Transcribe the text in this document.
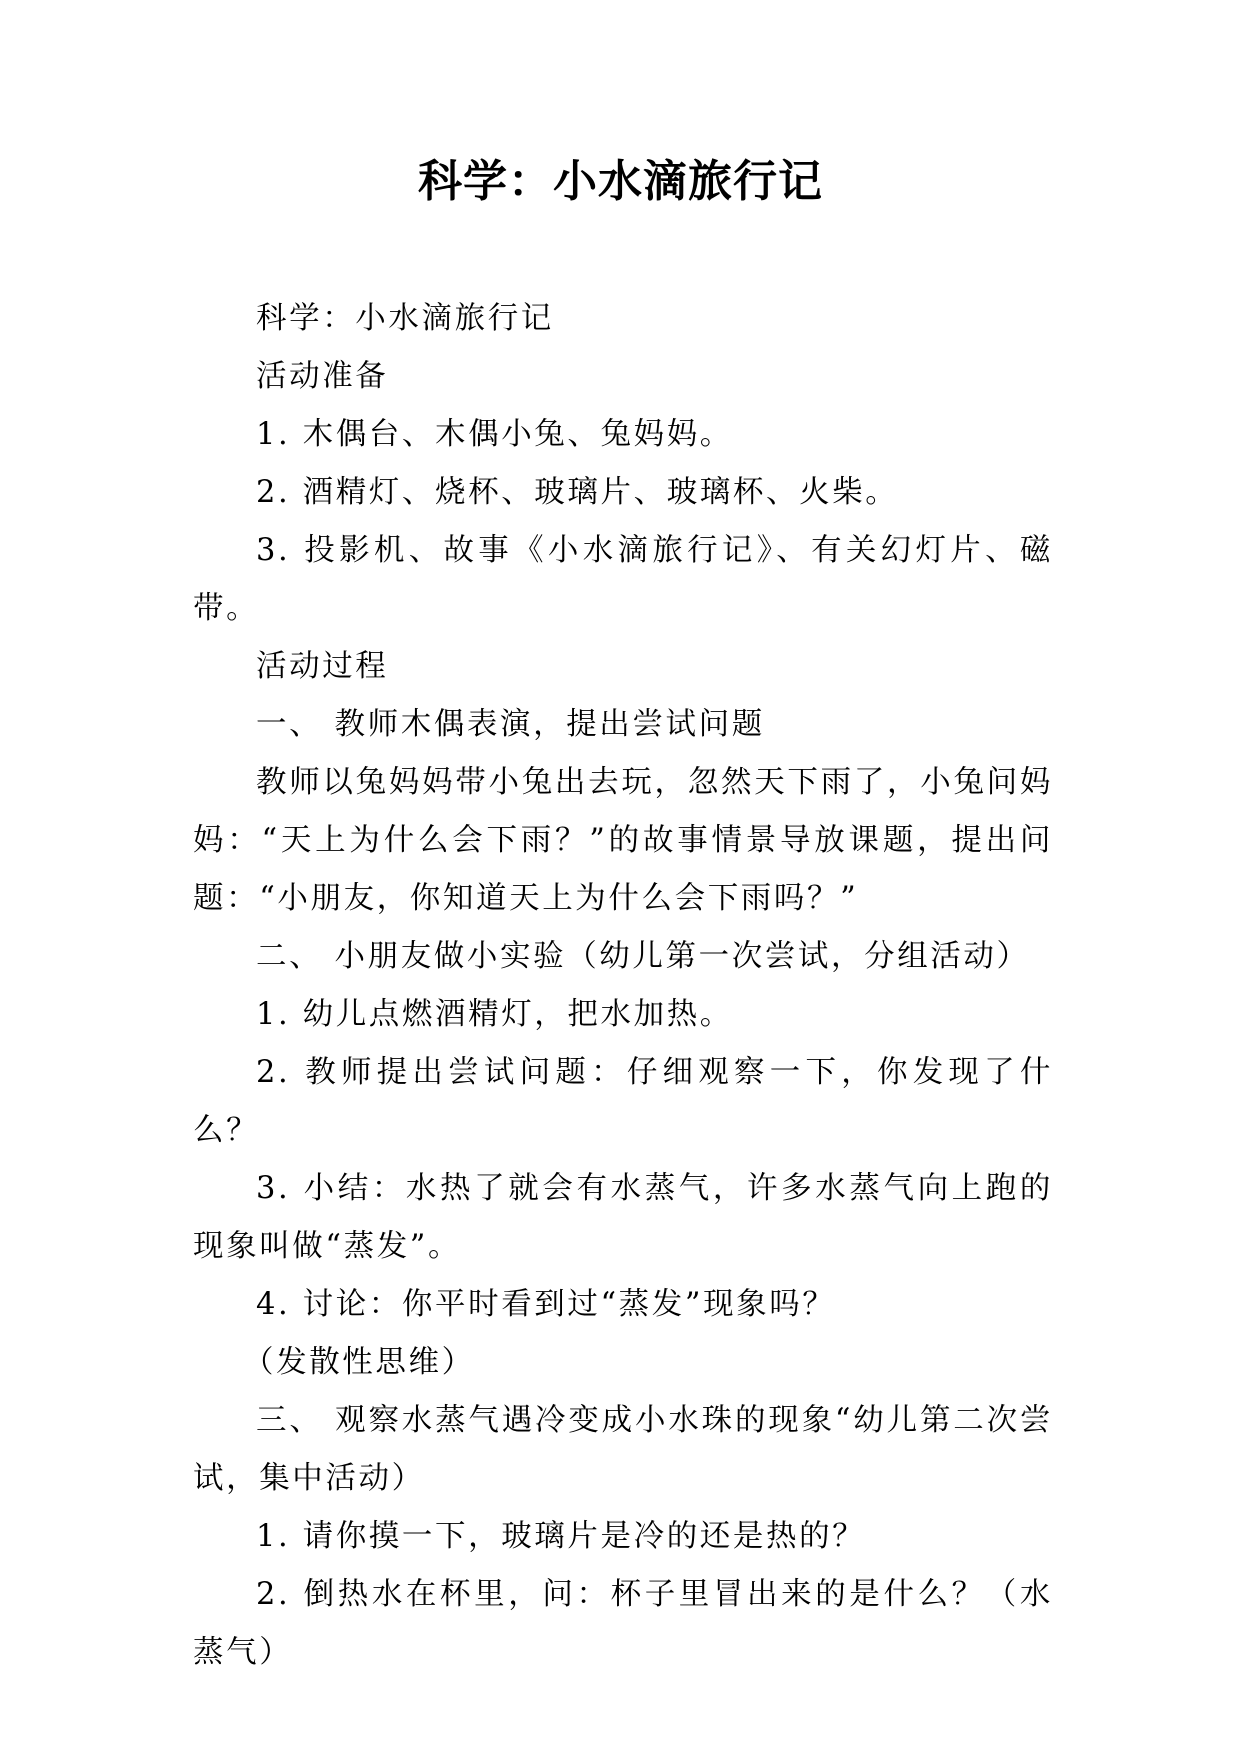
科学：小水滴旅行记

科学：小水滴旅行记

活动准备

1. 木偶台、木偶小兔、兔妈妈。

2. 酒精灯、烧杯、玻璃片、玻璃杯、火柴。

3. 投影机、故事《小水滴旅行记》、有关幻灯片、磁带。

活动过程

一、 教师木偶表演，提出尝试问题

教师以兔妈妈带小兔出去玩，忽然天下雨了，小兔问妈妈：“天上为什么会下雨？”的故事情景导放课题，提出问题：“小朋友，你知道天上为什么会下雨吗？”

二、 小朋友做小实验（幼儿第一次尝试，分组活动）

1. 幼儿点燃酒精灯，把水加热。

2. 教师提出尝试问题：仔细观察一下，你发现了什么？

3. 小结：水热了就会有水蒸气，许多水蒸气向上跑的现象叫做“蒸发”。

4. 讨论：你平时看到过“蒸发”现象吗？

（发散性思维）

三、 观察水蒸气遇冷变成小水珠的现象“幼儿第二次尝试，集中活动）

1. 请你摸一下，玻璃片是冷的还是热的？

2. 倒热水在杯里，问：杯子里冒出来的是什么？（水蒸气）
